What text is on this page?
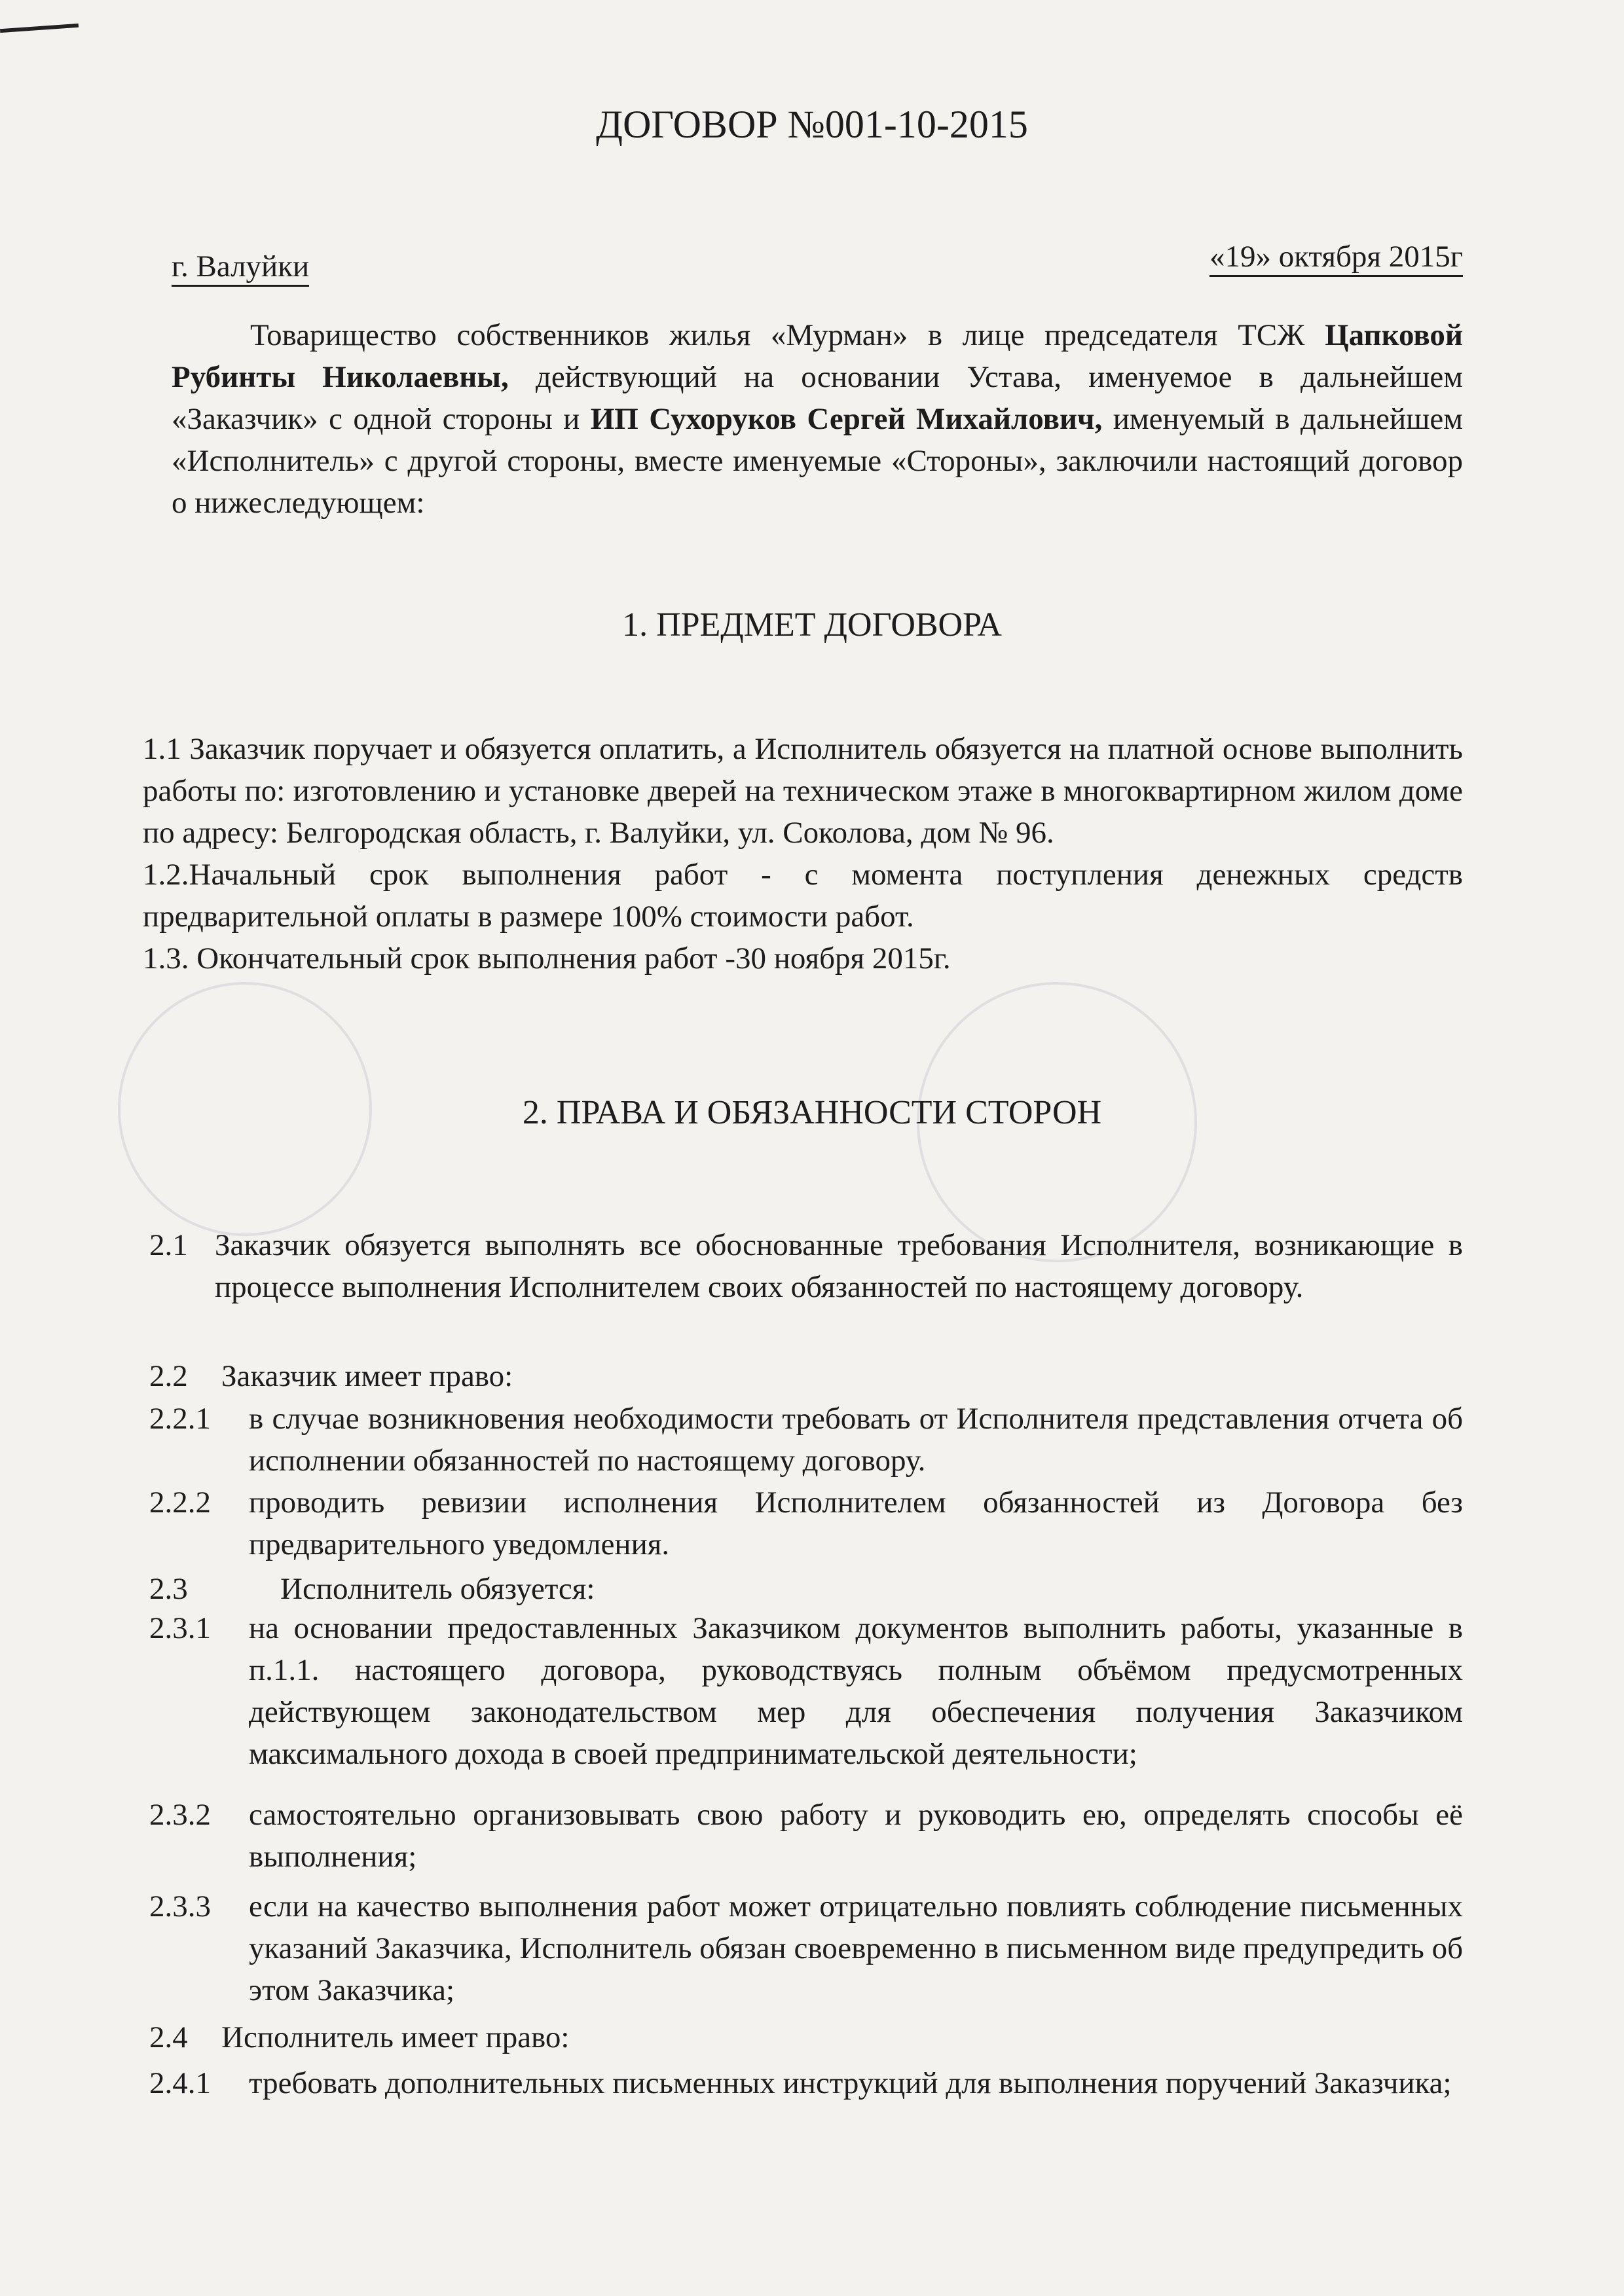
ДОГОВОР №001-10-2015
г. Валуйки	«19» октября 2015г

Товарищество собственников жилья «Мурман» в лице председателя ТСЖ Цапковой Рубинты Николаевны, действующий на основании Устава, именуемое в дальнейшем «Заказчик» с одной стороны и ИП Сухоруков Сергей Михайлович, именуемый в дальнейшем «Исполнитель» с другой стороны, вместе именуемые «Стороны», заключили настоящий договор о нижеследующем:

1. ПРЕДМЕТ ДОГОВОРА

1.1 Заказчик поручает и обязуется оплатить, а Исполнитель обязуется на платной основе выполнить работы по: изготовлению и установке дверей на техническом этаже в многоквартирном жилом доме по адресу: Белгородская область, г. Валуйки, ул. Соколова, дом № 96.

1.2.Начальный срок выполнения работ - с момента поступления денежных средств предварительной оплаты в размере 100% стоимости работ.

1.3. Окончательный срок выполнения работ -30 ноября 2015г.

2. ПРАВА И ОБЯЗАННОСТИ СТОРОН
2.1 Заказчик обязуется выполнять все обоснованные требования Исполнителя, возникающие в процессе выполнения Исполнителем своих обязанностей по настоящему договору.
2.2 Заказчик имеет право:
2.2.1 в случае возникновения необходимости требовать от Исполнителя представления отчета об исполнении обязанностей по настоящему договору.
2.2.2 проводить ревизии исполнения Исполнителем обязанностей из Договора без предварительного уведомления.
2.3	Исполнитель обязуется:
2.3.1 на основании предоставленных Заказчиком документов выполнить работы, указанные в п.1.1. настоящего договора, руководствуясь полным объёмом предусмотренных действующем законодательством мер для обеспечения получения Заказчиком максимального дохода в своей предпринимательской деятельности;
2.3.2 самостоятельно организовывать свою работу и руководить ею, определять способы её выполнения;
2.3.3 если на качество выполнения работ может отрицательно повлиять соблюдение письменных указаний Заказчика, Исполнитель обязан своевременно в письменном виде предупредить об этом Заказчика;
2.4 Исполнитель имеет право:
2.4.1 требовать дополнительных письменных инструкций для выполнения поручений Заказчика;
